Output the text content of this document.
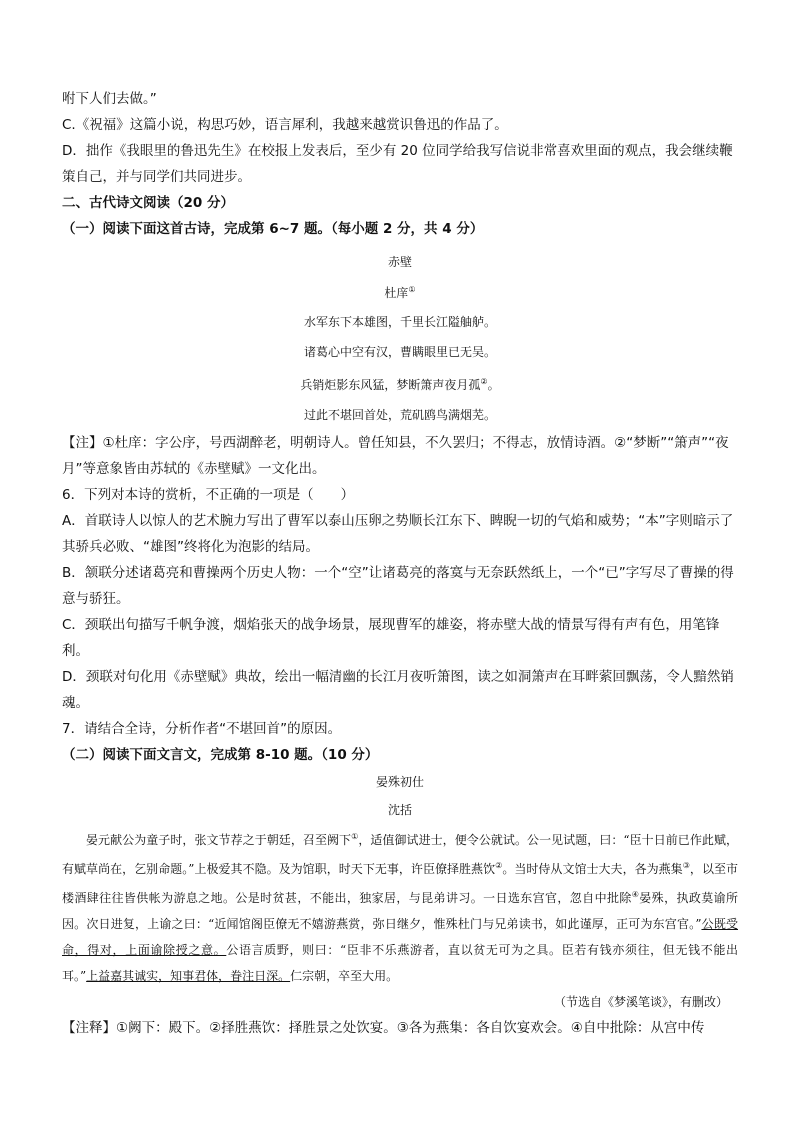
咐下人们去做。”

C.《祝福》这篇小说，构思巧妙，语言犀利，我越来越赏识鲁迅的作品了。

D．拙作《我眼里的鲁迅先生》在校报上发表后，至少有 20 位同学给我写信说非常喜欢里面的观点，我会继续鞭策自己，并与同学们共同进步。

二、古代诗文阅读（20 分）

（一）阅读下面这首古诗，完成第 6~7 题。（每小题 2 分，共 4 分）

赤壁

杜庠①

水军东下本雄图，千里长江隘舳舻。

诸葛心中空有汉，曹瞒眼里已无吴。

兵销炬影东风猛，梦断箫声夜月孤②。

过此不堪回首处，荒矶鸥鸟满烟芜。

【注】①杜庠：字公序，号西湖醉老，明朝诗人。曾任知县，不久罢归；不得志，放情诗酒。②“梦断”“箫声”“夜月”等意象皆由苏轼的《赤壁赋》一文化出。

6．下列对本诗的赏析，不正确的一项是（　　）

A．首联诗人以惊人的艺术腕力写出了曹军以泰山压卵之势顺长江东下、睥睨一切的气焰和威势；“本”字则暗示了其骄兵必败、“雄图”终将化为泡影的结局。

B．颔联分述诸葛亮和曹操两个历史人物：一个“空”让诸葛亮的落寞与无奈跃然纸上，一个“已”字写尽了曹操的得意与骄狂。

C．颈联出句描写千帆争渡，烟焰张天的战争场景，展现曹军的雄姿，将赤壁大战的情景写得有声有色，用笔锋利。

D．颈联对句化用《赤壁赋》典故，绘出一幅清幽的长江月夜听箫图，读之如洞箫声在耳畔萦回飘荡，令人黯然销魂。

7．请结合全诗，分析作者“不堪回首”的原因。

（二）阅读下面文言文，完成第 8-10 题。（10 分）

晏殊初仕

沈括

晏元献公为童子时，张文节荐之于朝廷，召至阙下①，适值御试进士，便令公就试。公一见试题，曰：“臣十日前已作此赋，有赋草尚在，乞别命题。”上极爱其不隐。及为馆职，时天下无事，许臣僚择胜燕饮②。当时侍从文馆士大夫，各为燕集③，以至市楼酒肆往往皆供帐为游息之地。公是时贫甚，不能出，独家居，与昆弟讲习。一日选东宫官，忽自中批除④晏殊，执政莫谕所因。次日进复，上谕之曰：“近闻馆阁臣僚无不嬉游燕赏，弥日继夕，惟殊杜门与兄弟读书，如此谨厚，正可为东宫官。”公既受命，得对，上面谕除授之意。公语言质野，则曰：“臣非不乐燕游者，直以贫无可为之具。臣若有钱亦须往，但无钱不能出耳。”上益嘉其诚实，知事君体，眷注日深。仁宗朝，卒至大用。

（节选自《梦溪笔谈》，有删改）

【注释】①阙下：殿下。②择胜燕饮：择胜景之处饮宴。③各为燕集：各自饮宴欢会。④自中批除：从宫中传
